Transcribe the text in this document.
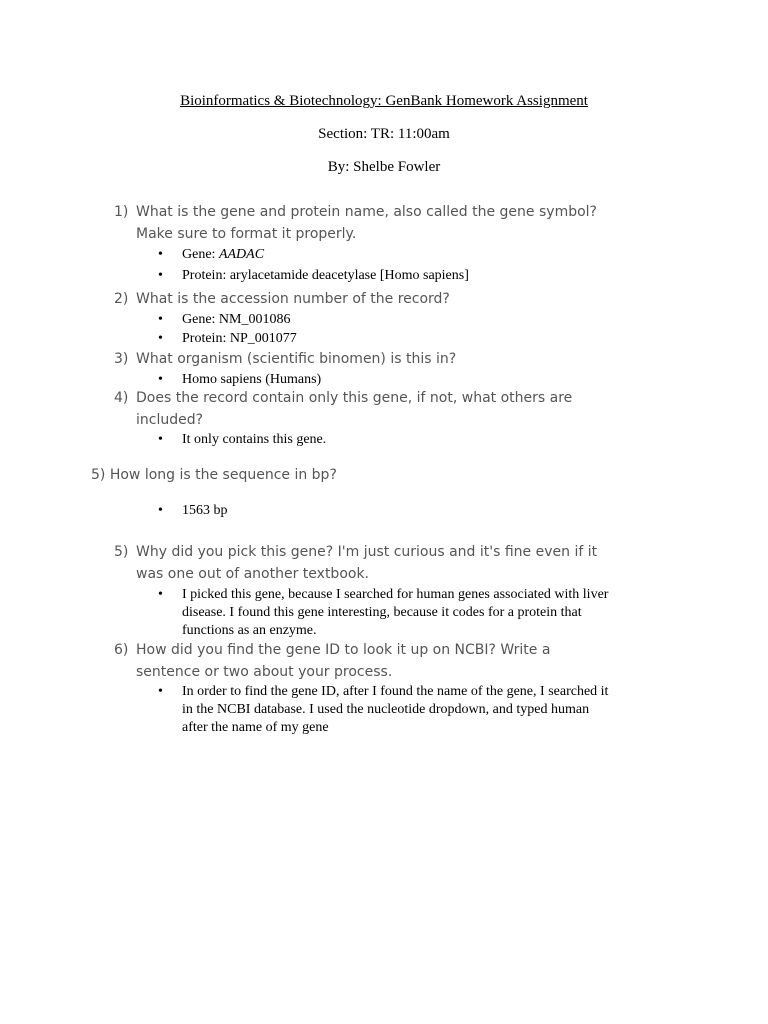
Bioinformatics & Biotechnology: GenBank Homework Assignment
Section: TR: 11:00am
By: Shelbe Fowler
1) What is the gene and protein name, also called the gene symbol? Make sure to format it properly.
• Gene: AADAC
• Protein: arylacetamide deacetylase [Homo sapiens]
2) What is the accession number of the record?
• Gene: NM_001086
• Protein: NP_001077
3) What organism (scientific binomen) is this in?
• Homo sapiens (Humans)
4) Does the record contain only this gene, if not, what others are included?
• It only contains this gene.
5) How long is the sequence in bp?
• 1563 bp
5) Why did you pick this gene? I'm just curious and it's fine even if it was one out of another textbook.
• I picked this gene, because I searched for human genes associated with liver disease. I found this gene interesting, because it codes for a protein that functions as an enzyme.
6) How did you find the gene ID to look it up on NCBI? Write a sentence or two about your process.
• In order to find the gene ID, after I found the name of the gene, I searched it in the NCBI database. I used the nucleotide dropdown, and typed human after the name of my gene
